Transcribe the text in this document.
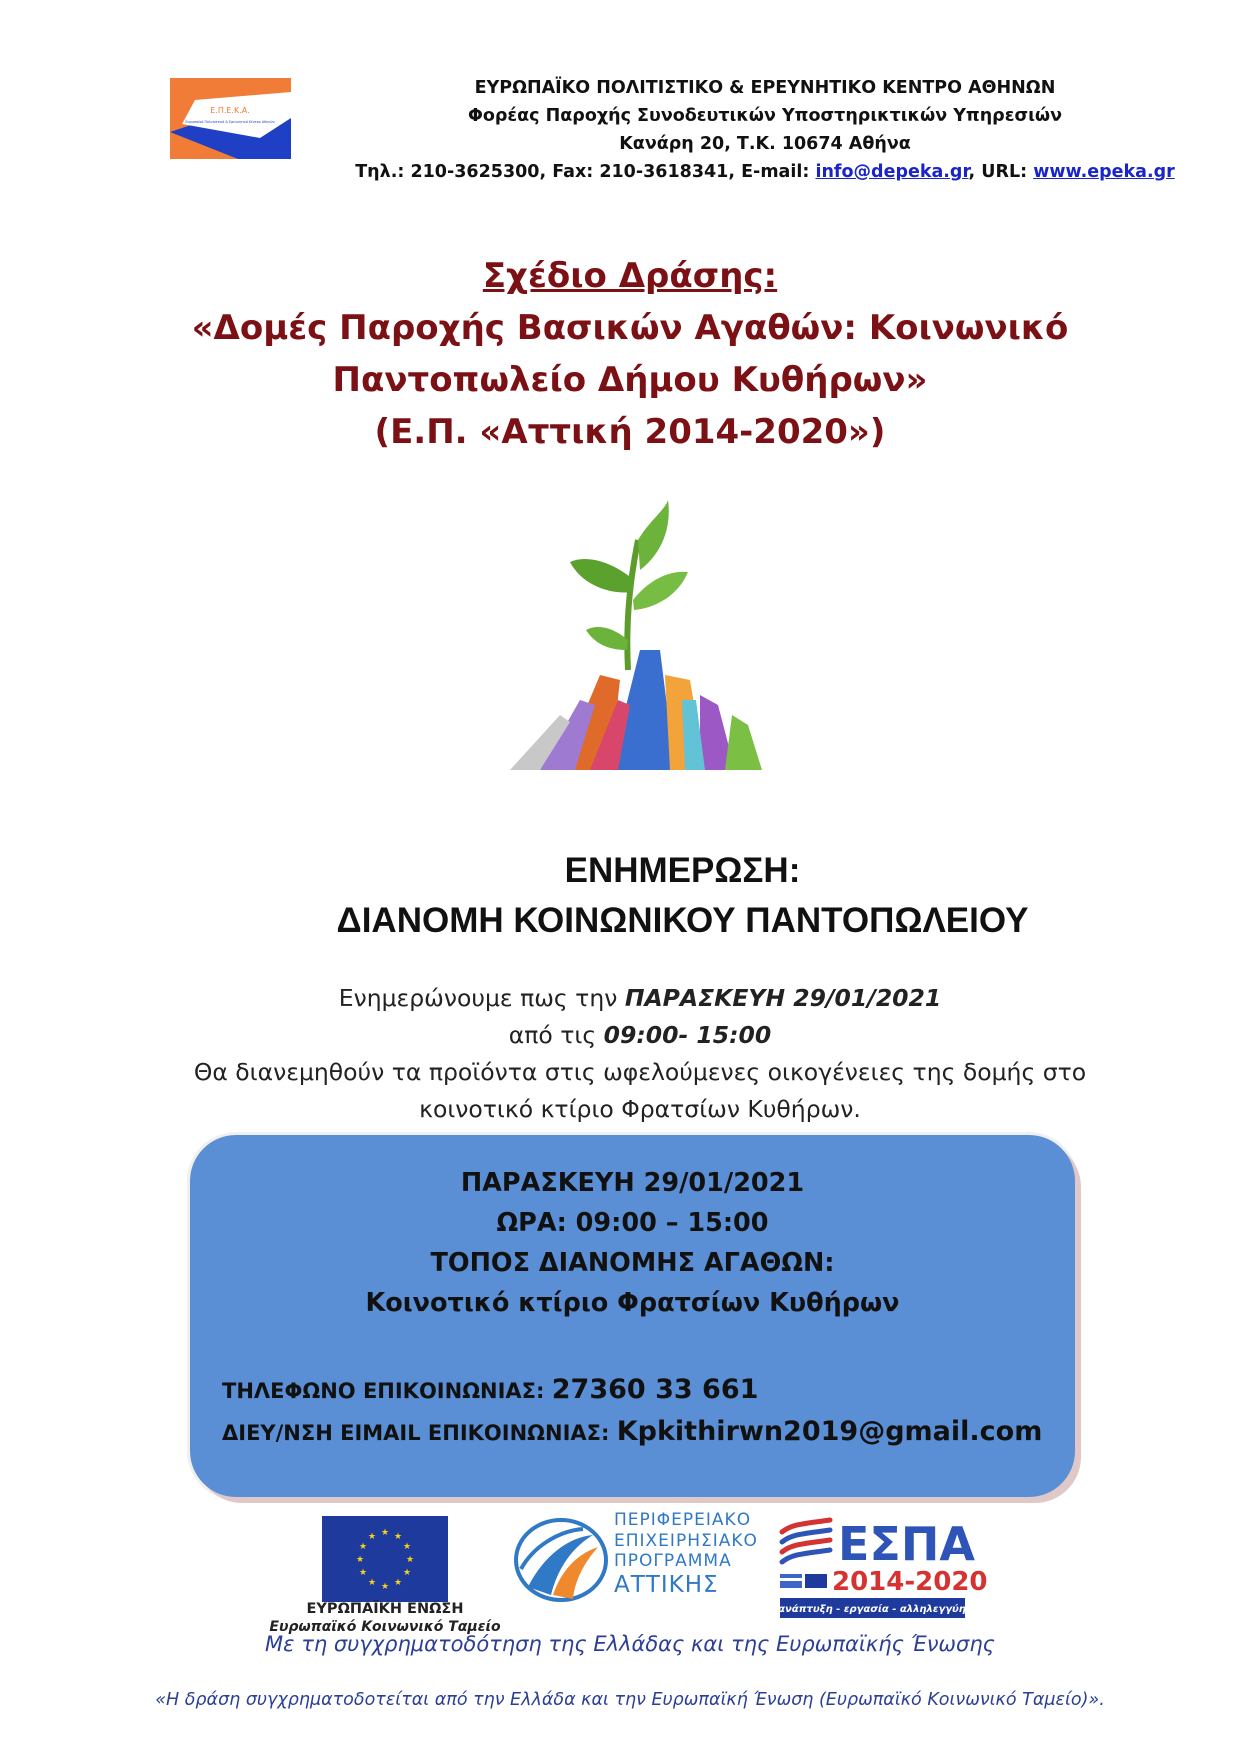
Ε.Π.Ε.Κ.Α.
Ευρωπαϊκό Πολιτιστικό & Ερευνητικό Κέντρο Αθηνών
ΕΥΡΩΠΑΪΚΟ ΠΟΛΙΤΙΣΤΙΚΟ & ΕΡΕΥΝΗΤΙΚΟ ΚΕΝΤΡΟ ΑΘΗΝΩΝ
Φορέας Παροχής Συνοδευτικών Υποστηρικτικών Υπηρεσιών
Κανάρη 20, Τ.Κ. 10674 Αθήνα
Τηλ.: 210-3625300, Fax: 210-3618341, E-mail: info@depeka.gr, URL: www.epeka.gr
Σχέδιο Δράσης:
«Δομές Παροχής Βασικών Αγαθών: Κοινωνικό
Παντοπωλείο Δήμου Κυθήρων»
(Ε.Π. «Αττική 2014-2020»)
ΕΝΗΜΕΡΩΣΗ:
ΔΙΑΝΟΜΗ ΚΟΙΝΩΝΙΚΟΥ ΠΑΝΤΟΠΩΛΕΙΟΥ
Ενημερώνουμε πως την ΠΑΡΑΣΚΕΥΗ 29/01/2021
από τις 09:00- 15:00
Θα διανεμηθούν τα προϊόντα στις ωφελούμενες οικογένειες της δομής στο
κοινοτικό κτίριο Φρατσίων Κυθήρων.
ΠΑΡΑΣΚΕΥΗ 29/01/2021
ΩΡΑ: 09:00 – 15:00
ΤΟΠΟΣ ΔΙΑΝΟΜΗΣ ΑΓΑΘΩΝ:
Κοινοτικό κτίριο Φρατσίων Κυθήρων
ΤΗΛΕΦΩΝΟ ΕΠΙΚΟΙΝΩΝΙΑΣ: 27360 33 661
ΔΙΕΥ/ΝΣΗ ΕΙΜΑΙL ΕΠΙΚΟΙΝΩΝΙΑΣ: Kpkithirwn2019@gmail.com
★ ★
★
★
★
★
★
★
★
★
★
★
ΕΥΡΩΠΑΪΚΗ ΕΝΩΣΗ
Ευρωπαϊκό Κοινωνικό Ταμείο
ΠΕΡΙΦΕΡΕΙΑΚΟ
ΕΠΙΧΕΙΡΗΣΙΑΚΟ
ΠΡΟΓΡΑΜΜΑ
ΑΤΤΙΚΗΣ
ΕΣΠΑ
2014-2020
ανάπτυξη - εργασία - αλληλεγγύη
Με τη συγχρηματοδότηση της Ελλάδας και της Ευρωπαϊκής Ένωσης
«Η δράση συγχρηματοδοτείται από την Ελλάδα και την Ευρωπαϊκή Ένωση (Ευρωπαϊκό Κοινωνικό Ταμείο)».
